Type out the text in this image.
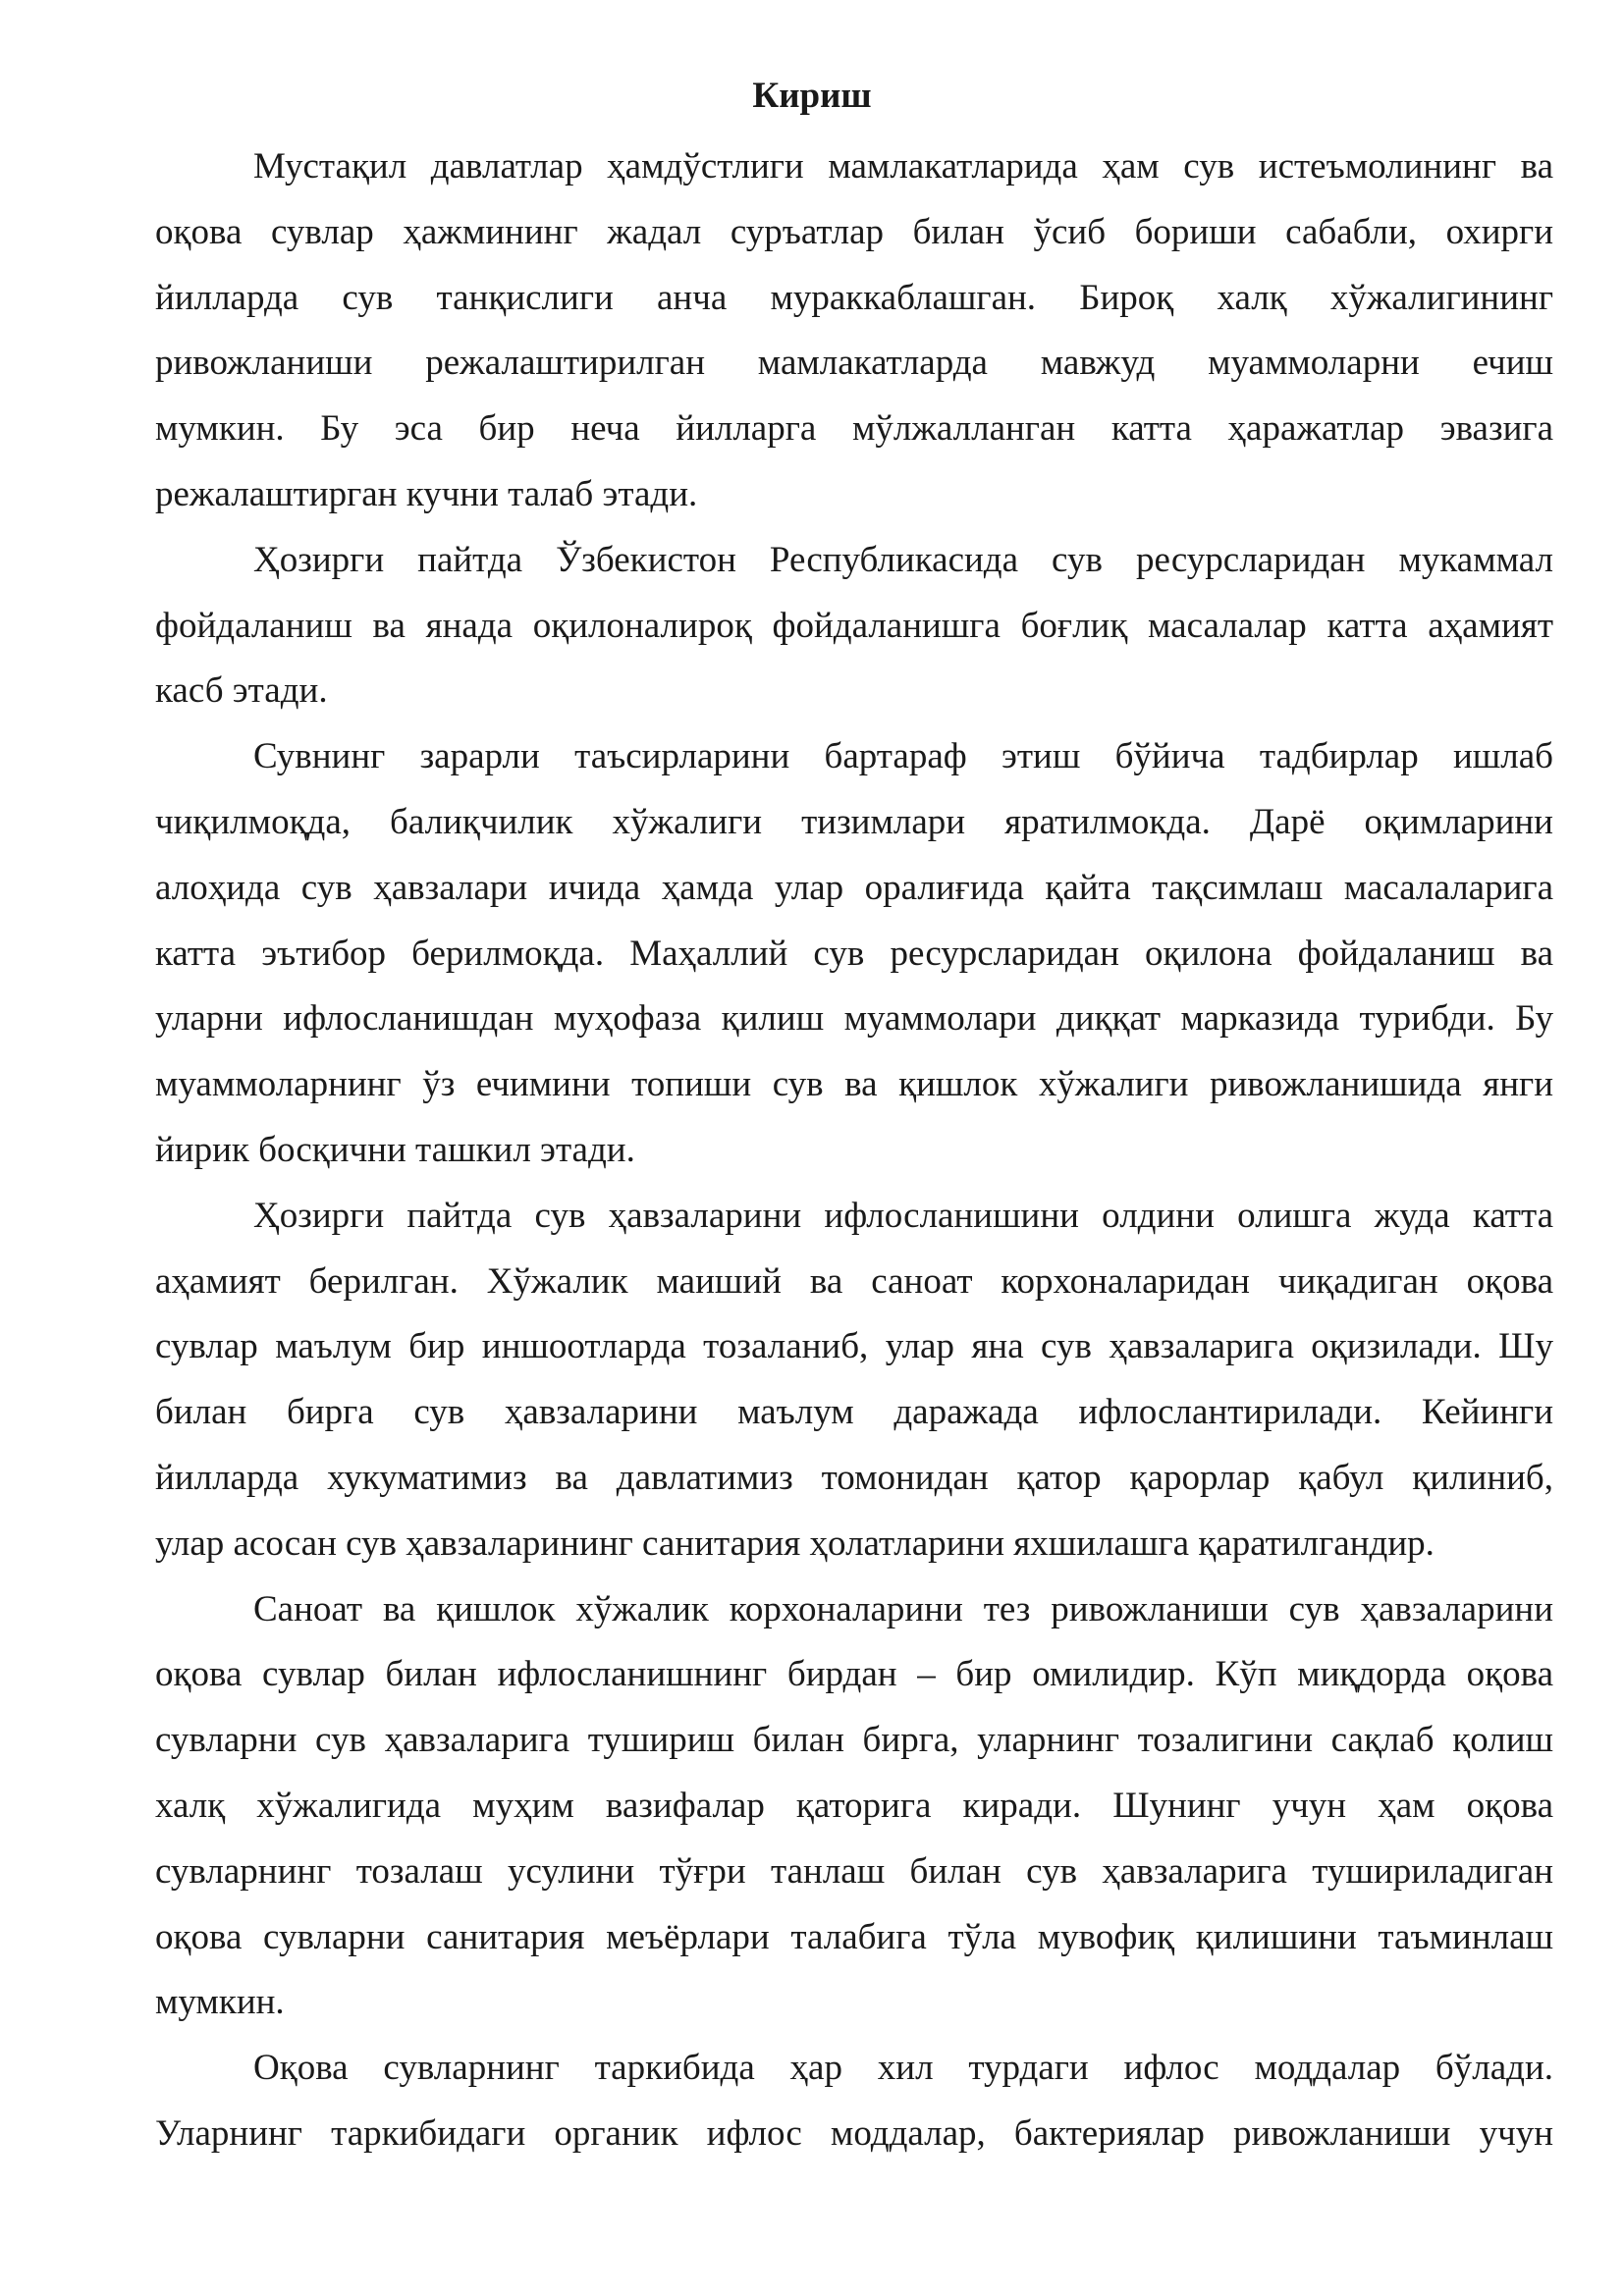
Кириш
Мустақил давлатлар ҳамдўстлиги мамлакатларида ҳам сув истеъмолининг ва
оқова сувлар ҳажмининг жадал суръатлар билан ўсиб бориши сабабли, охирги
йилларда сув танқислиги анча мураккаблашган. Бироқ халқ хўжалигининг
ривожланиши режалаштирилган мамлакатларда мавжуд муаммоларни ечиш
мумкин. Бу эса бир неча йилларга мўлжалланган катта ҳаражатлар эвазига
режалаштирган кучни талаб этади.
Ҳозирги пайтда Ўзбекистон Республикасида сув ресурсларидан мукаммал
фойдаланиш ва янада оқилоналироқ фойдаланишга боғлиқ масалалар катта аҳамият
касб этади.
Сувнинг зарарли таъсирларини бартараф этиш бўйича тадбирлар ишлаб
чиқилмоқда, балиқчилик хўжалиги тизимлари яратилмокда. Дарё оқимларини
алоҳида сув ҳавзалари ичида ҳамда улар оралиғида қайта тақсимлаш масалаларига
катта эътибор берилмоқда. Маҳаллий сув ресурсларидан оқилона фойдаланиш ва
уларни ифлосланишдан муҳофаза қилиш муаммолари диққат марказида турибди. Бу
муаммоларнинг ўз ечимини топиши сув ва қишлок хўжалиги ривожланишида янги
йирик босқични ташкил этади.
Ҳозирги пайтда сув ҳавзаларини ифлосланишини олдини олишга жуда катта
аҳамият берилган. Хўжалик маиший ва саноат корхоналаридан чиқадиган оқова
сувлар маълум бир иншоотларда тозаланиб, улар яна сув ҳавзаларига оқизилади. Шу
билан бирга сув ҳавзаларини маълум даражада ифлослантирилади. Кейинги
йилларда хукуматимиз ва давлатимиз томонидан қатор қарорлар қабул қилиниб,
улар асосан сув ҳавзаларининг санитария ҳолатларини яхшилашга қаратилгандир.
Саноат ва қишлок хўжалик корхоналарини тез ривожланиши сув ҳавзаларини
оқова сувлар билан ифлосланишнинг бирдан – бир омилидир. Кўп миқдорда оқова
сувларни сув ҳавзаларига тушириш билан бирга, уларнинг тозалигини сақлаб қолиш
халқ хўжалигида муҳим вазифалар қаторига киради. Шунинг учун ҳам оқова
сувларнинг тозалаш усулини тўғри танлаш билан сув ҳавзаларига тушириладиган
оқова сувларни санитария меъёрлари талабига тўла мувофиқ қилишини таъминлаш
мумкин.
Оқова сувларнинг таркибида ҳар хил турдаги ифлос моддалар бўлади.
Уларнинг таркибидаги органик ифлос моддалар, бактериялар ривожланиши учун
